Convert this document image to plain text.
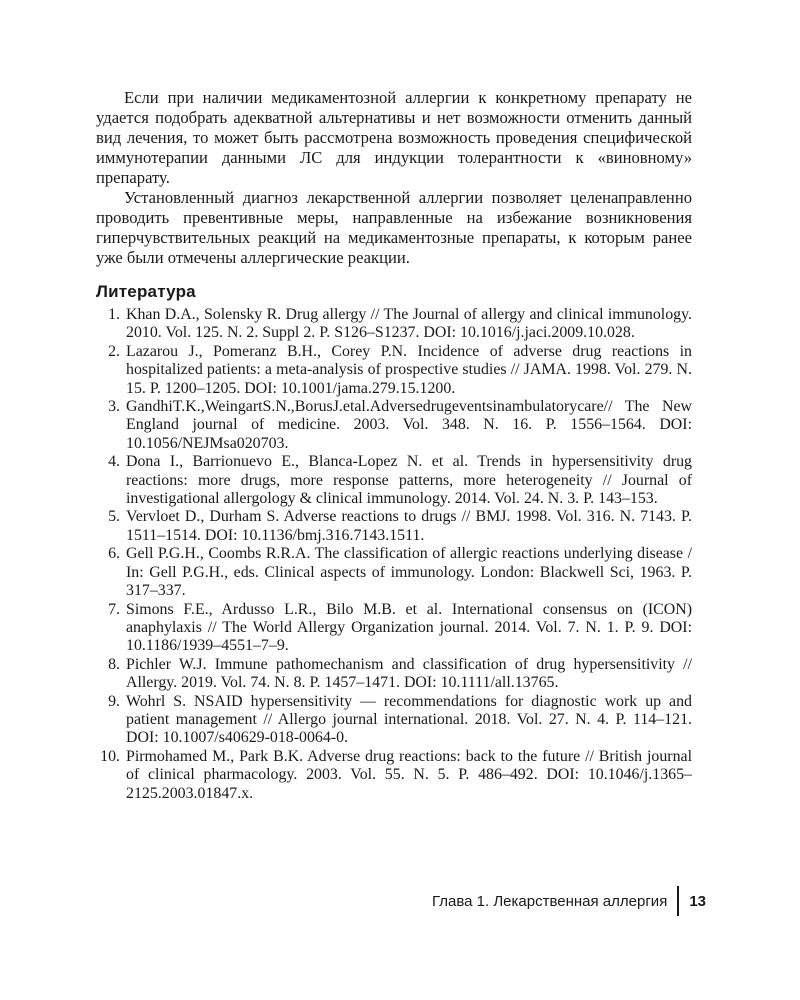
Если при наличии медикаментозной аллергии к конкретному препарату не удается подобрать адекватной альтернативы и нет возможности отменить данный вид лечения, то может быть рассмотрена возможность проведения специфической иммунотерапии данными ЛС для индукции толерантности к «виновному» препарату.

Установленный диагноз лекарственной аллергии позволяет целенаправленно проводить превентивные меры, направленные на избежание возникновения гиперчувствительных реакций на медикаментозные препараты, к которым ранее уже были отмечены аллергические реакции.

Литература
1. Khan D.A., Solensky R. Drug allergy // The Journal of allergy and clinical immunology. 2010. Vol. 125. N. 2. Suppl 2. P. S126–S1237. DOI: 10.1016/j.jaci.2009.10.028.
2. Lazarou J., Pomeranz B.H., Corey P.N. Incidence of adverse drug reactions in hospitalized patients: a meta-analysis of prospective studies // JAMA. 1998. Vol. 279. N. 15. P. 1200–1205. DOI: 10.1001/jama.279.15.1200.
3. GandhiT.K.,WeingartS.N.,BorusJ.etal.Adversedrugeventsinambulatorycare// The New England journal of medicine. 2003. Vol. 348. N. 16. P. 1556–1564. DOI: 10.1056/NEJMsa020703.
4. Dona I., Barrionuevo E., Blanca-Lopez N. et al. Trends in hypersensitivity drug reactions: more drugs, more response patterns, more heterogeneity // Journal of investigational allergology & clinical immunology. 2014. Vol. 24. N. 3. P. 143–153.
5. Vervloet D., Durham S. Adverse reactions to drugs // BMJ. 1998. Vol. 316. N. 7143. P. 1511–1514. DOI: 10.1136/bmj.316.7143.1511.
6. Gell P.G.H., Coombs R.R.A. The classification of allergic reactions underlying disease / In: Gell P.G.H., eds. Clinical aspects of immunology. London: Blackwell Sci, 1963. P. 317–337.
7. Simons F.E., Ardusso L.R., Bilo M.B. et al. International consensus on (ICON) anaphylaxis // The World Allergy Organization journal. 2014. Vol. 7. N. 1. P. 9. DOI: 10.1186/1939–4551–7–9.
8. Pichler W.J. Immune pathomechanism and classification of drug hypersensitivity // Allergy. 2019. Vol. 74. N. 8. P. 1457–1471. DOI: 10.1111/all.13765.
9. Wohrl S. NSAID hypersensitivity — recommendations for diagnostic work up and patient management // Allergo journal international. 2018. Vol. 27. N. 4. P. 114–121. DOI: 10.1007/s40629-018-0064-0.
10. Pirmohamed M., Park B.K. Adverse drug reactions: back to the future // British journal of clinical pharmacology. 2003. Vol. 55. N. 5. P. 486–492. DOI: 10.1046/j.1365–2125.2003.01847.x.
Глава 1. Лекарственная аллергия	13
